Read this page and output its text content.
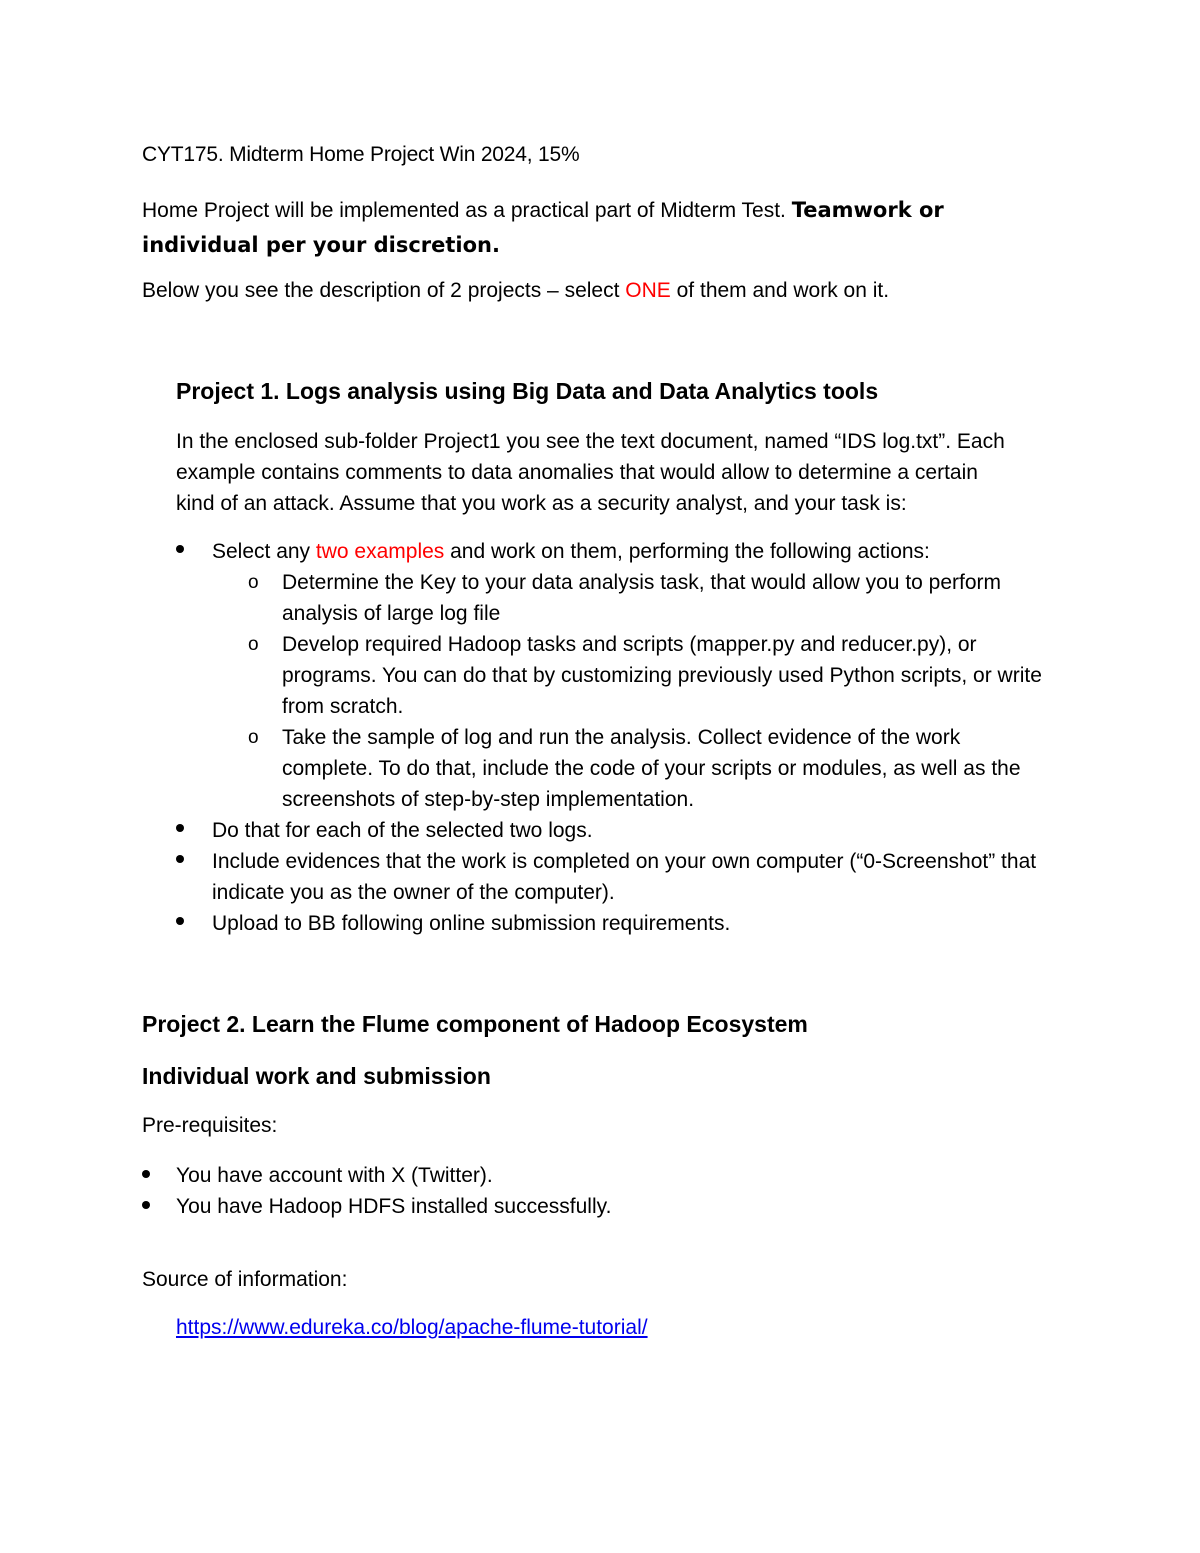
CYT175. Midterm Home Project Win 2024, 15%

Home Project will be implemented as a practical part of Midterm Test. Teamwork or individual per your discretion.

Below you see the description of 2 projects – select ONE of them and work on it.

Project 1. Logs analysis using Big Data and Data Analytics tools

In the enclosed sub-folder Project1 you see the text document, named “IDS log.txt”. Each
example contains comments to data anomalies that would allow to determine a certain
kind of an attack. Assume that you work as a security analyst, and your task is:

Select any two examples and work on them, performing the following actions:
o Determine the Key to your data analysis task, that would allow you to perform analysis of large log file
o Develop required Hadoop tasks and scripts (mapper.py and reducer.py), or programs. You can do that by customizing previously used Python scripts, or write from scratch.
o Take the sample of log and run the analysis. Collect evidence of the work complete. To do that, include the code of your scripts or modules, as well as the screenshots of step-by-step implementation.
Do that for each of the selected two logs.
Include evidences that the work is completed on your own computer (“0-Screenshot” that indicate you as the owner of the computer).
Upload to BB following online submission requirements.
Project 2. Learn the Flume component of Hadoop Ecosystem
Individual work and submission

Pre-requisites:

You have account with X (Twitter).
You have Hadoop HDFS installed successfully.

Source of information:

https://www.edureka.co/blog/apache-flume-tutorial/
